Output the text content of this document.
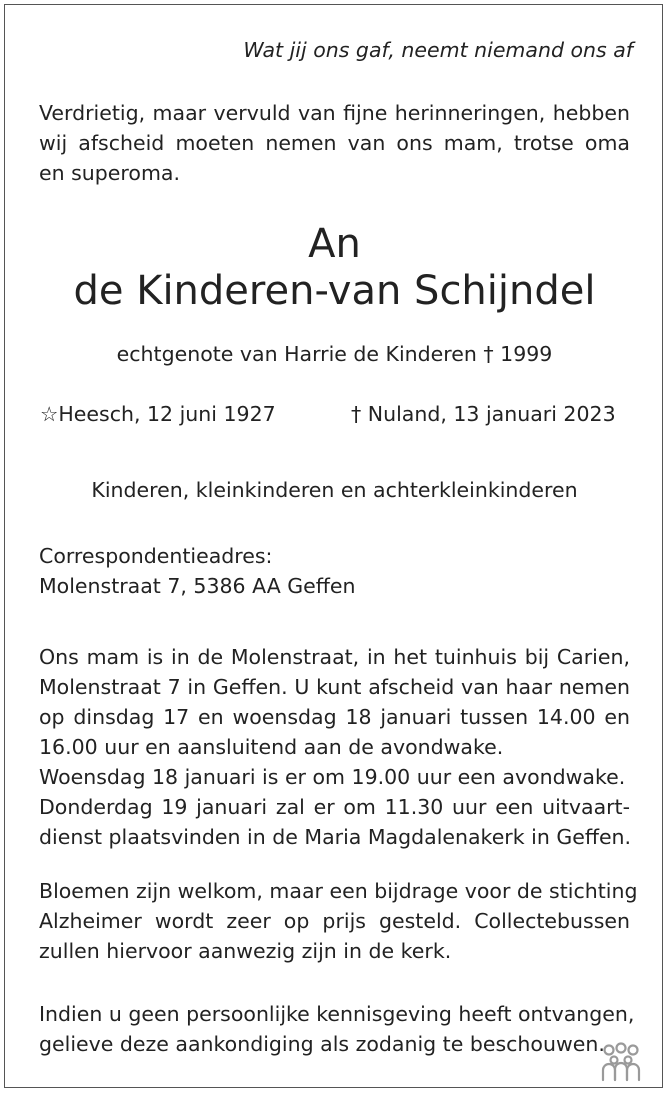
Wat jij ons gaf, neemt niemand ons af
Verdrietig, maar vervuld van fijne herinneringen, hebben
wij afscheid moeten nemen van ons mam, trotse oma
en superoma.
An
de Kinderen-van Schijndel
echtgenote van Harrie de Kinderen † 1999
☆Heesch, 12 juni 1927	† Nuland, 13 januari 2023
Kinderen, kleinkinderen en achterkleinkinderen
Correspondentieadres:
Molenstraat 7, 5386 AA Geffen
Ons mam is in de Molenstraat, in het tuinhuis bij Carien,
Molenstraat 7 in Geffen. U kunt afscheid van haar nemen
op dinsdag 17 en woensdag 18 januari tussen 14.00 en
16.00 uur en aansluitend aan de avondwake.
Woensdag 18 januari is er om 19.00 uur een avondwake.
Donderdag 19 januari zal er om 11.30 uur een uitvaart-
dienst plaatsvinden in de Maria Magdalenakerk in Geffen.
Bloemen zijn welkom, maar een bijdrage voor de stichting
Alzheimer wordt zeer op prijs gesteld. Collectebussen
zullen hiervoor aanwezig zijn in de kerk.
Indien u geen persoonlijke kennisgeving heeft ontvangen,
gelieve deze aankondiging als zodanig te beschouwen.
